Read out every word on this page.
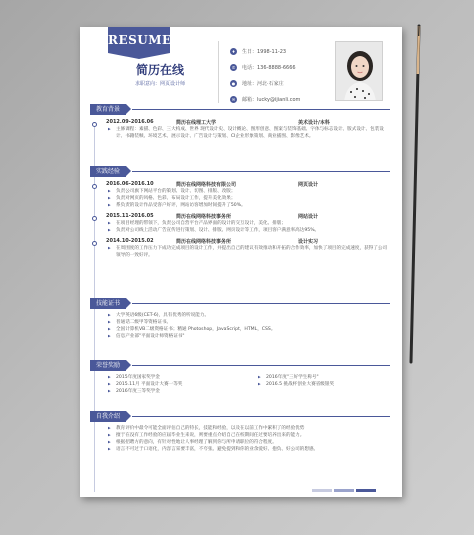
RESUME
简历在线
求职意向：网页设计师
♦	生日：1998-11-23
✆	电话：136-8888-6666
●	地址：河北·石家庄
✉	邮箱：lucky@ijianli.com
教育背景
2012.09-2016.06	简历在线理工大学	美术设计/本科
▶ 主修课程：素描、色彩、三大构成、世界 现代设计史、设计概论、图形创意、图案与装饰基础、字体与标志设计、版式设计、包装设计、书籍装帧、环境艺术、展示设计、广告设计与策划、CI企业形象策划、商业插图、影像艺术。
实践经验
2016.06-2016.10	简历在线网络科技有限公司	网页设计
▶ 负责公司旗下网站平台的策划、设计、切图、排版、改版；
▶ 负责对网页的风格、色彩、布局设计工作，提升美化效果；
▶ 系负责的设计作品受客户好评，网站访客增加时间提升了50%。
2015.11-2016.05	简历在线网络科技事务所	网站设计
▶ 在项目经理的带领下，负责公司自营平台产品界面的设计的交互设计，美化、排版；
▶ 负责对公司线上活动广告宣传进行策划、设计、排版、网页设计等工作，项目客户满意率高达95%。
2014.10-2015.02	简历在线网络科技事务所	设计实习
▶ 在周围度的工作压力下成功完成项目的设计工作，并提出自己的建议有效推动和开拓的合作效率，加快了项目的完成速度，获得了公司领导的一致好评。
技能证书
▶ 大学英语6级(CET-6)，具有优秀的听说能力。
▶ 普通话二级甲等资格证书。
▶ 全国计算机VB二级资格证书；精通 Photoshop，JavaScript，HTML，CSS。
▶ 信息产业部"平面设计师资格证书"
荣誉奖励
▶ 2015年度国家奖学金	▶ 2016年度"三好学生称号"
▶ 2015.11月 平面设计大赛一等奖	▶ 2016.5 挑战杯创业大赛省级银奖
▶ 2016年度三等奖学金
自我介绍
▶ 教育评价中最令可能全面评估自己的特长，技能和经验，以及在以前工作中累积了的经验优势
▶ 擅于在没有工作经验的应届毕业生来说，则要重点介绍自己在校期间任过要培养出来的能力。
▶ 根据招聘方的意向，有针对性地让人事经理了解到你与所申请职位的符合程度。
▶ 语言不可过于口语化，内容言采要丰富，不夸张。避免提到和你的业余爱好、抱负、好公司的想感。
